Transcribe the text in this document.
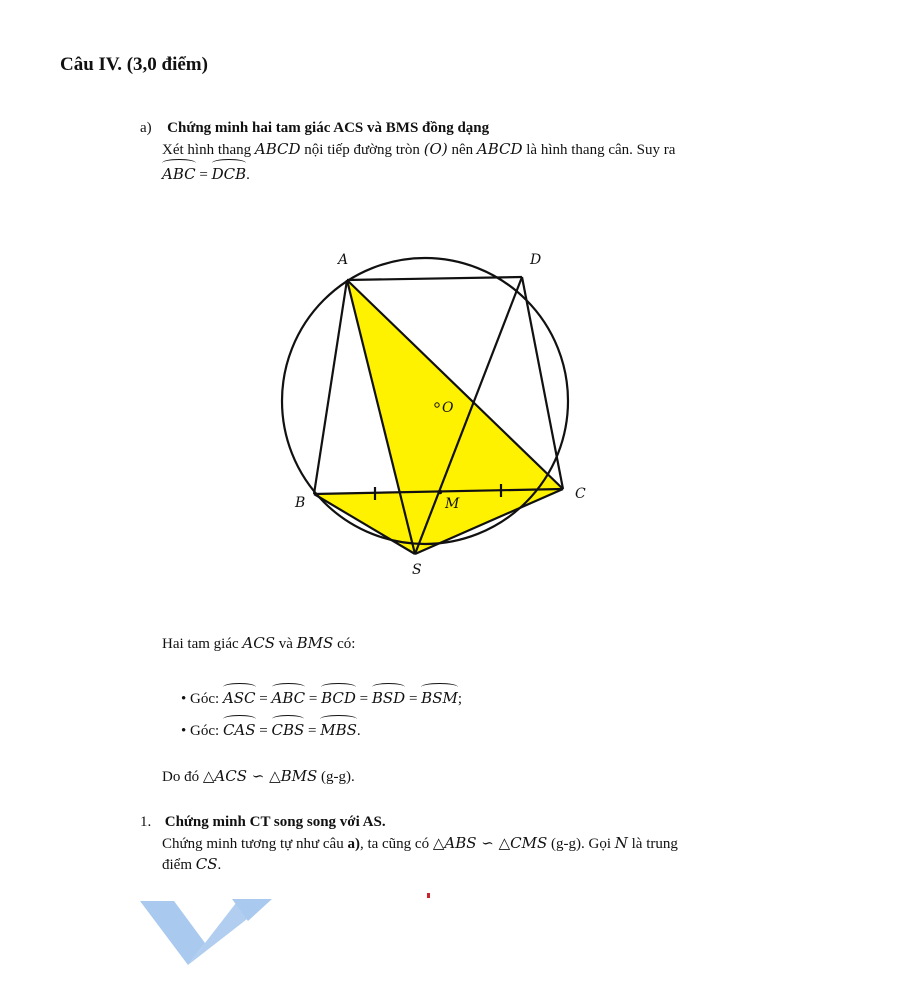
Câu IV. (3,0 điểm)
a) Chứng minh hai tam giác ACS và BMS đồng dạng
Xét hình thang ABCD nội tiếp đường tròn (O) nên ABCD là hình thang cân. Suy ra
ABC = DCB.
A	D
O
B	M
C
S
Hai tam giác ACS và BMS có:
• Góc: ASC = ABC = BCD = BSD = BSM;
• Góc: CAS = CBS = MBS.
Do đó △ACS ∽ △BMS (g-g).
1. Chứng minh CT song song với AS.
Chứng minh tương tự như câu a), ta cũng có △ABS ∽ △CMS (g-g). Gọi N là trung
điểm CS.
